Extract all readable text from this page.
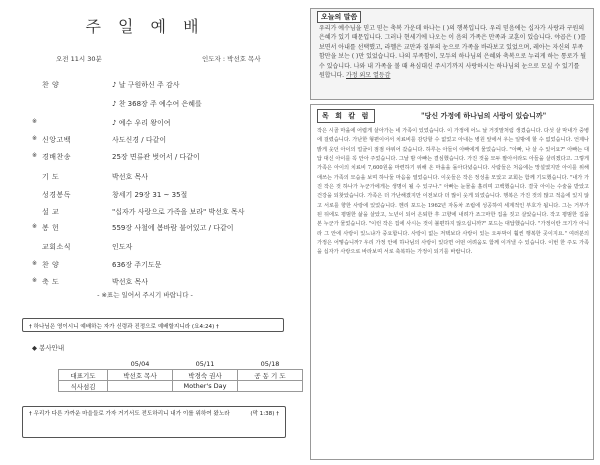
주 일 예 배
오전 11시 30분	인도자 : 박선호 목사
찬 양	♪ 날 구원하신 주 감사
♪ 찬 368장 주 예수여 은혜를
※	♪ 예수 우리 왕이여
※ 신앙고백	사도신경 / 다같이
※ 경배찬송	25장 면류관 벗어서 / 다같이
기 도	박선호 목사
성경봉독	창세기 29장 31 ~ 35절
설 교	"십자가 사랑으로 가족을 보라" 박선호 목사
※ 봉 헌	559장 사철에 봄바람 불어있고 / 다같이
교회소식	인도자
※ 찬 양	636장 주기도문
※ 축 도	박선호 목사
- ※표는 일어서 주시기 바랍니다 -
† 하나님은 영이시니 예배하는 자가 신령과 진정으로 예배할지니라 (요4:24) †
◆ 봉사안내
	05/04	05/11	05/18
대표기도	박선호 목사	박경숙 권사	공 동 기 도
식사섬김		Mother's Day	
† 우리가 다른 가까운 마을들로 가자 거기서도 전도하리니 내가 이를 위하여 왔노라	(막 1:38) †
오늘의 말씀
우리가 예수님을 믿고 믿는 축복 가운데 하나는 ( )의 행복입니다. 우리 믿음에는 십자가 사랑과 구원의 은혜가 있기 때문입니다. 그러나 현세기에 나오는 이 음의 가족은 만족과 교훈이 있습니다. 야곱은 ( )를 보면서 아내를 선택했고, 라헬은 교만과 질투의 눈으로 가족을 바라보고 있었으며, 레아는 자신의 부족함만을 보는 ( )만 있었습니다. 나의 부족함이, 모두의 하나님의 은혜와 축복으로 누리게 하는 통로가 될 수 있습니다. 나와 내 가족을 볼 때 욕심대신 주시기까지 사랑하시는 하나님의 눈으로 모실 수 있기를 원합니다. 가정 외모 열등감
목 회 칼 럼	"당신 가정에 하나님의 사랑이 있습니까"

작은 시골 마을에 어렵게 살아가는 네 가족이 있었습니다. 이 가정에 어느 날 거짓말처럼 생겼습니다. 다섯 살 막내가 중병에 걸렸습니다. 가난한 형편이어서 치료비를 감당할 수 없었고 아내는 병원 앞에서 우는 일밖에 할 수 없었습니다. 언제나 밝게 웃던 아이의 얼굴이 점점 야위어 갔습니다. 하루는 아들이 아빠에게 물었습니다. "아빠, 나 살 수 있어요?" 아빠는 대답 대신 아이를 꼭 안아 주었습니다. 그날 밤 아빠는 결심했습니다. 가진 것을 모두 팔아서라도 아들을 살리겠다고. 그렇게 가족은 아이의 치료비 7,600원을 마련하기 위해 온 마을을 돌아다녔습니다. 사람들은 처음에는 망설였지만 아이를 위해 애쓰는 가족의 모습을 보며 하나둘 마음을 열었습니다. 이웃들은 작은 정성을 모았고 교회는 함께 기도했습니다. "내가 가진 작은 것 하나가 누군가에게는 생명이 될 수 있구나." 아빠는 눈물을 흘리며 고백했습니다. 결국 아이는 수술을 받았고 건강을 되찾았습니다. 가족은 더 가난해졌지만 이전보다 더 많이 웃게 되었습니다. 행복은 가진 것의 많고 적음에 있지 않고 서로를 향한 사랑에 있었습니다. 헨리 포드는 1962년 자동차 조립에 성공하여 세계적인 부호가 됩니다. 그는 거부가 된 뒤에도 평범한 삶을 살았고, 노년이 되어 은퇴한 후 고향에 내려가 조그마한 집을 짓고 살았습니다. 작고 평범한 집을 본 누군가 물었습니다. "이런 작은 집에 사시는 것이 불편하지 않으십니까?" 포드는 대답했습니다. "가정이란 크기가 아니라 그 안에 사랑이 있느냐가 중요합니다. 사랑이 없는 저택보다 사랑이 있는 오두막이 훨씬 행복한 곳이지요." 여러분의 가정은 어떻습니까? 우리 가정 안에 하나님의 사랑이 있다면 어떤 어려움도 함께 이겨낼 수 있습니다. 이번 한 주도 가족을 십자가 사랑으로 바라보며 서로 축복하는 가정이 되기를 바랍니다.
